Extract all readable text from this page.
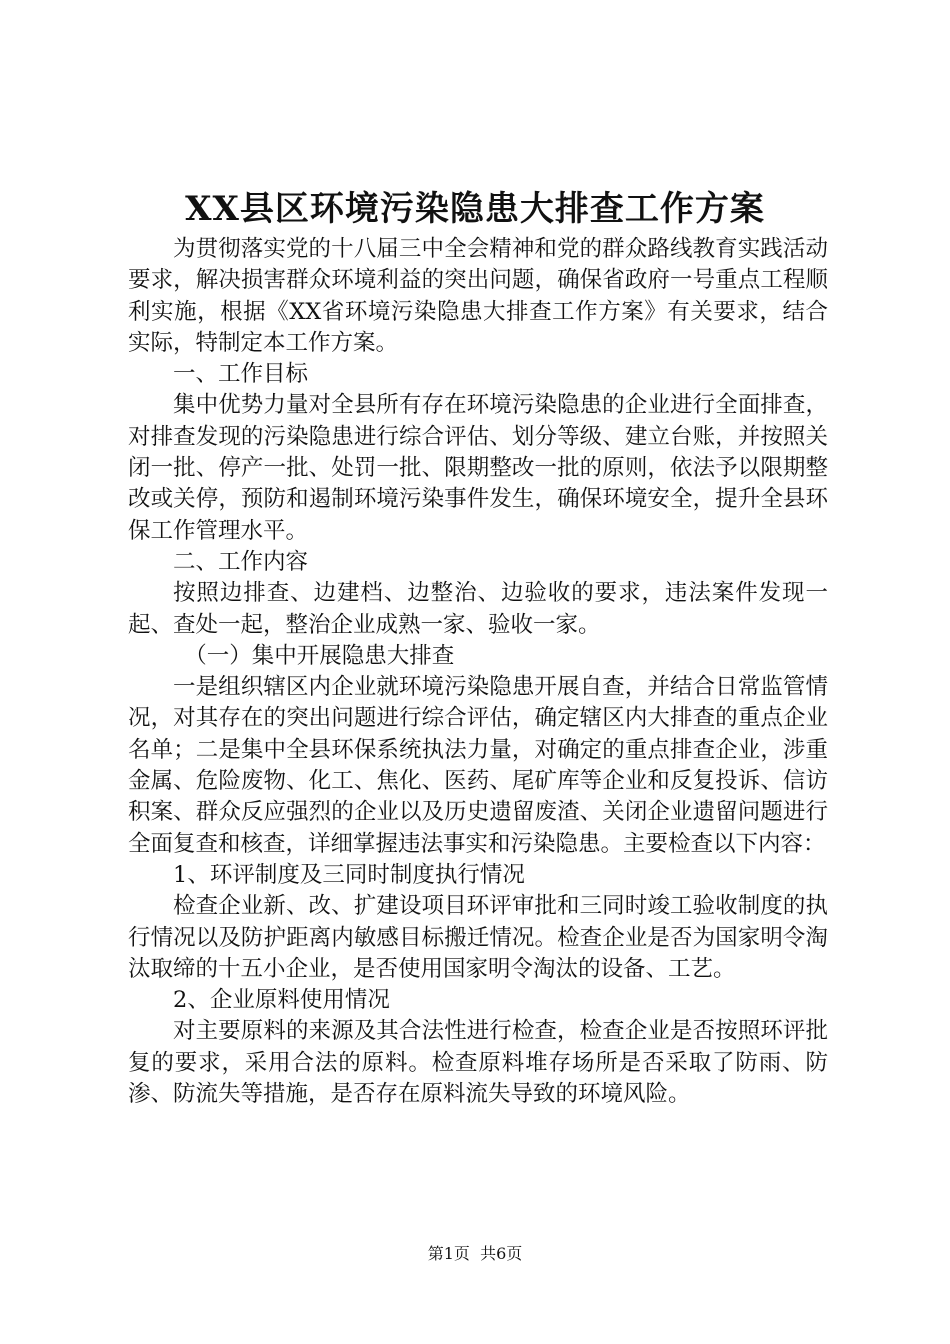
XX县区环境污染隐患大排查工作方案

为贯彻落实党的十八届三中全会精神和党的群众路线教育实践活动要求，解决损害群众环境利益的突出问题，确保省政府一号重点工程顺利实施，根据《XX省环境污染隐患大排查工作方案》有关要求，结合实际，特制定本工作方案。

一、工作目标

集中优势力量对全县所有存在环境污染隐患的企业进行全面排查，对排查发现的污染隐患进行综合评估、划分等级、建立台账，并按照关闭一批、停产一批、处罚一批、限期整改一批的原则，依法予以限期整改或关停，预防和遏制环境污染事件发生，确保环境安全，提升全县环保工作管理水平。

二、工作内容

按照边排查、边建档、边整治、边验收的要求，违法案件发现一起、查处一起，整治企业成熟一家、验收一家。

（一）集中开展隐患大排查

一是组织辖区内企业就环境污染隐患开展自查，并结合日常监管情况，对其存在的突出问题进行综合评估，确定辖区内大排查的重点企业名单；二是集中全县环保系统执法力量，对确定的重点排查企业，涉重金属、危险废物、化工、焦化、医药、尾矿库等企业和反复投诉、信访积案、群众反应强烈的企业以及历史遗留废渣、关闭企业遗留问题进行全面复查和核查，详细掌握违法事实和污染隐患。主要检查以下内容：

1、环评制度及三同时制度执行情况

检查企业新、改、扩建设项目环评审批和三同时竣工验收制度的执行情况以及防护距离内敏感目标搬迁情况。检查企业是否为国家明令淘汰取缔的十五小企业，是否使用国家明令淘汰的设备、工艺。

2、企业原料使用情况

对主要原料的来源及其合法性进行检查，检查企业是否按照环评批复的要求，采用合法的原料。检查原料堆存场所是否采取了防雨、防渗、防流失等措施，是否存在原料流失导致的环境风险。

第1页 共6页
